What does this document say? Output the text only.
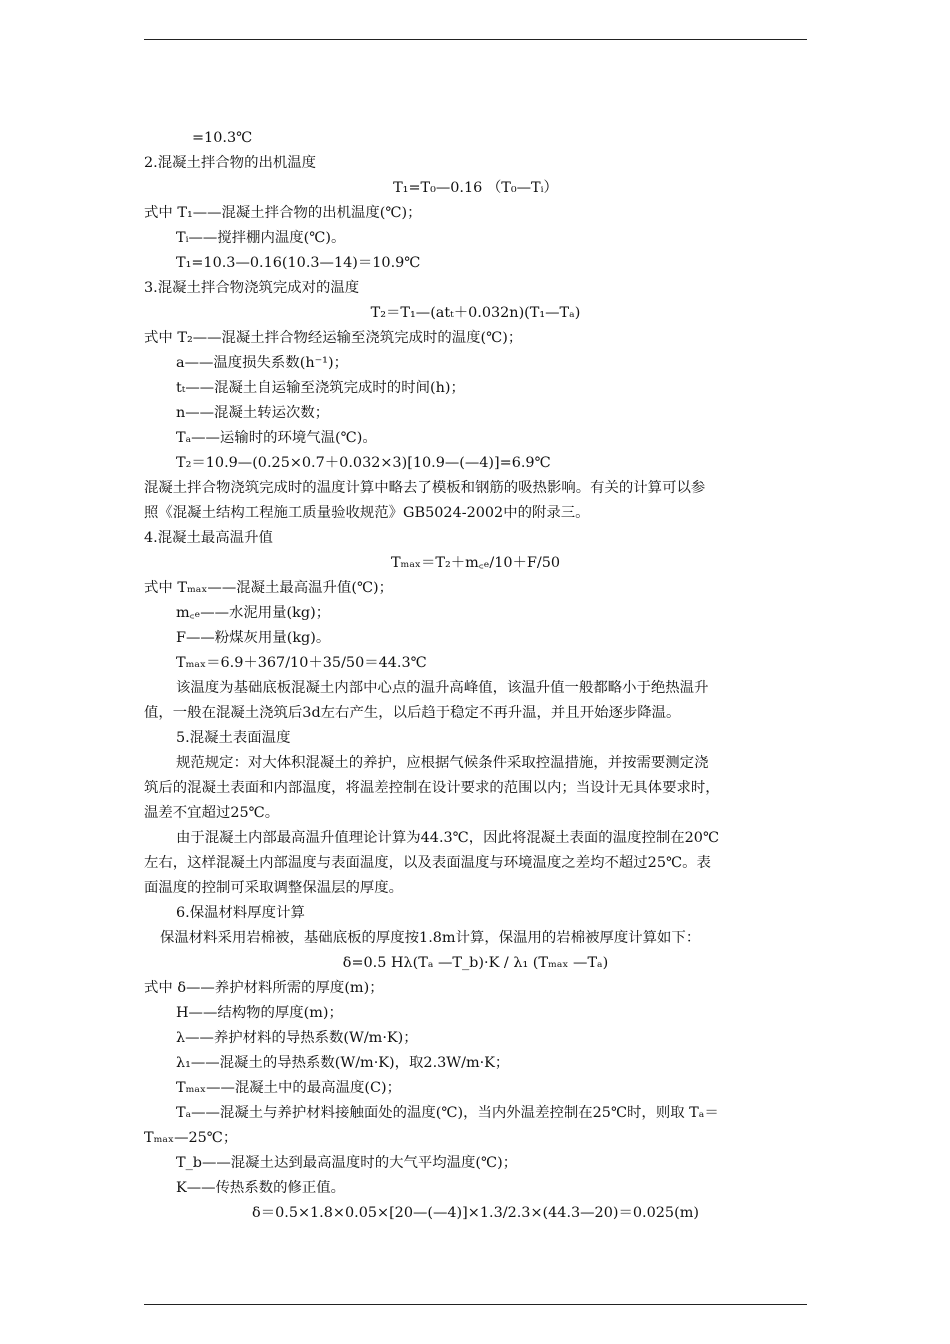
=10.3℃
2.混凝土拌合物的出机温度
T₁=T₀—0.16 （T₀—Tᵢ）
式中 T₁——混凝土拌合物的出机温度(℃)；
Tᵢ——搅拌棚内温度(℃)。
T₁=10.3—0.16(10.3—14)＝10.9℃
3.混凝土拌合物浇筑完成对的温度
T₂＝T₁—(atₜ＋0.032n)(T₁—Tₐ)
式中 T₂——混凝土拌合物经运输至浇筑完成时的温度(℃)；
a——温度损失系数(h⁻¹)；
tₜ——混凝土自运输至浇筑完成时的时间(h)；
n——混凝土转运次数；
Tₐ——运输时的环境气温(℃)。
T₂＝10.9—(0.25×0.7＋0.032×3)[10.9—(—4)]=6.9℃
混凝土拌合物浇筑完成时的温度计算中略去了模板和钢筋的吸热影响。有关的计算可以参
照《混凝土结构工程施工质量验收规范》GB5024-2002中的附录三。
4.混凝土最高温升值
Tₘₐₓ＝T₂＋m꜀ₑ/10＋F/50
式中 Tₘₐₓ——混凝土最高温升值(℃)；
m꜀ₑ——水泥用量(kg)；
F——粉煤灰用量(kg)。
Tₘₐₓ＝6.9＋367/10＋35/50＝44.3℃
该温度为基础底板混凝土内部中心点的温升高峰值，该温升值一般都略小于绝热温升
值，一般在混凝土浇筑后3d左右产生，以后趋于稳定不再升温，并且开始逐步降温。
5.混凝土表面温度
规范规定：对大体积混凝土的养护，应根据气候条件采取控温措施，并按需要测定浇
筑后的混凝土表面和内部温度，将温差控制在设计要求的范围以内；当设计无具体要求时，
温差不宜超过25℃。
由于混凝土内部最高温升值理论计算为44.3℃，因此将混凝土表面的温度控制在20℃
左右，这样混凝土内部温度与表面温度，以及表面温度与环境温度之差均不超过25℃。表
面温度的控制可采取调整保温层的厚度。
6.保温材料厚度计算
保温材料采用岩棉被，基础底板的厚度按1.8m计算，保温用的岩棉被厚度计算如下：
δ=0.5 Hλ(Tₐ —T_b)·K / λ₁ (Tₘₐₓ —Tₐ)
式中 δ——养护材料所需的厚度(m)；
H——结构物的厚度(m)；
λ——养护材料的导热系数(W/m·K)；
λ₁——混凝土的导热系数(W/m·K)，取2.3W/m·K；
Tₘₐₓ——混凝土中的最高温度(C)；
Tₐ——混凝土与养护材料接触面处的温度(℃)，当内外温差控制在25℃时，则取 Tₐ＝
Tₘₐₓ—25℃；
T_b——混凝土达到最高温度时的大气平均温度(℃)；
K——传热系数的修正值。
δ＝0.5×1.8×0.05×[20—(—4)]×1.3/2.3×(44.3—20)＝0.025(m)
